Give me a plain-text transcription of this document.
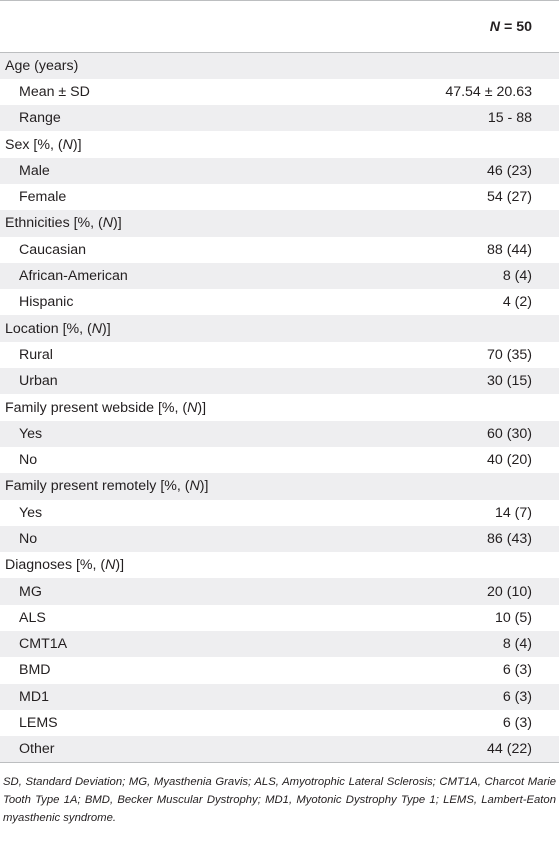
	N = 50
Age (years)	
Mean ± SD	47.54 ± 20.63
Range	15 - 88
Sex [%, (N)]	
Male	46 (23)
Female	54 (27)
Ethnicities [%, (N)]	
Caucasian	88 (44)
African-American	8 (4)
Hispanic	4 (2)
Location [%, (N)]	
Rural	70 (35)
Urban	30 (15)
Family present webside [%, (N)]	
Yes	60 (30)
No	40 (20)
Family present remotely [%, (N)]	
Yes	14 (7)
No	86 (43)
Diagnoses [%, (N)]	
MG	20 (10)
ALS	10 (5)
CMT1A	8 (4)
BMD	6 (3)
MD1	6 (3)
LEMS	6 (3)
Other	44 (22)

SD, Standard Deviation; MG, Myasthenia Gravis; ALS, Amyotrophic Lateral Sclerosis; CMT1A, Charcot Marie Tooth Type 1A; BMD, Becker Muscular Dystrophy; MD1, Myotonic Dystrophy Type 1; LEMS, Lambert-Eaton myasthenic syndrome.
